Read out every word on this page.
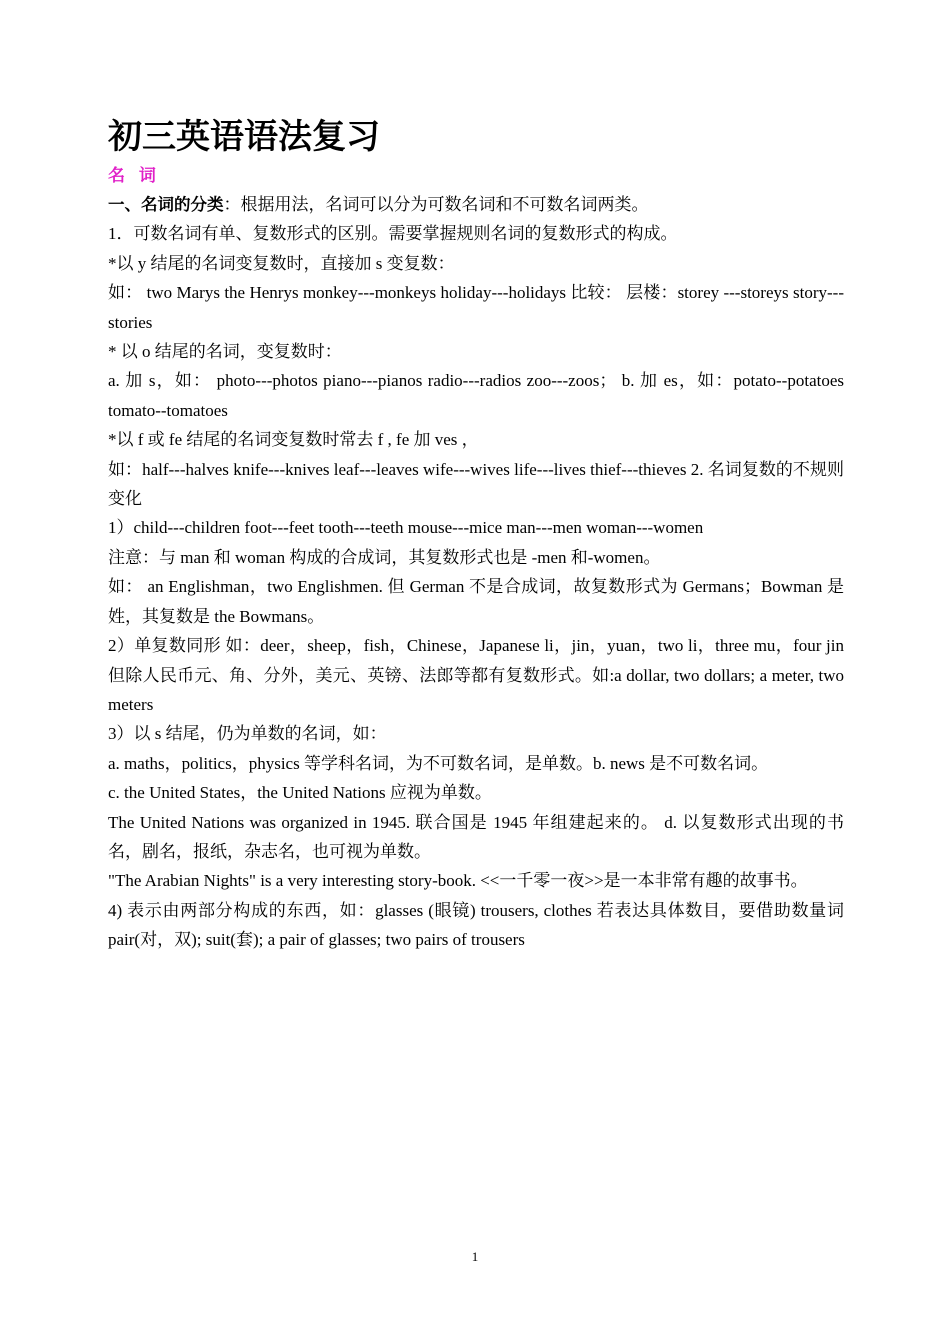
初三英语语法复习
名 词

一、名词的分类：根据用法，名词可以分为可数名词和不可数名词两类。

1．可数名词有单、复数形式的区别。需要掌握规则名词的复数形式的构成。

*以 y 结尾的名词变复数时，直接加 s 变复数：

如： two Marys the Henrys monkey---monkeys holiday---holidays 比较： 层楼：storey ---storeys story---stories

* 以 o 结尾的名词，变复数时：

a. 加 s，如： photo---photos piano---pianos radio---radios zoo---zoos； b. 加 es，如：potato--potatoes tomato--tomatoes

*以 f 或 fe 结尾的名词变复数时常去 f , fe 加 ves ，

如：half---halves knife---knives leaf---leaves wife---wives life---lives thief---thieves 2. 名词复数的不规则变化

1）child---children foot---feet tooth---teeth mouse---mice man---men woman---women

注意：与 man 和 woman 构成的合成词，其复数形式也是 -men 和-women。

如： an Englishman，two Englishmen. 但 German 不是合成词，故复数形式为 Germans；Bowman 是姓，其复数是 the Bowmans。

2）单复数同形 如：deer，sheep，fish，Chinese，Japanese li，jin，yuan，two li，three mu，four jin 但除人民币元、角、分外，美元、英镑、法郎等都有复数形式。如:a dollar, two dollars; a meter, two meters

3）以 s 结尾，仍为单数的名词，如：

a. maths，politics，physics 等学科名词，为不可数名词，是单数。b. news 是不可数名词。

c. the United States，the United Nations 应视为单数。

The United Nations was organized in 1945. 联合国是 1945 年组建起来的。 d. 以复数形式出现的书名，剧名，报纸，杂志名，也可视为单数。

"The Arabian Nights" is a very interesting story-book. <<一千零一夜>>是一本非常有趣的故事书。

4) 表示由两部分构成的东西，如：glasses (眼镜) trousers, clothes 若表达具体数目，要借助数量词 pair(对，双); suit(套); a pair of glasses; two pairs of trousers

1
